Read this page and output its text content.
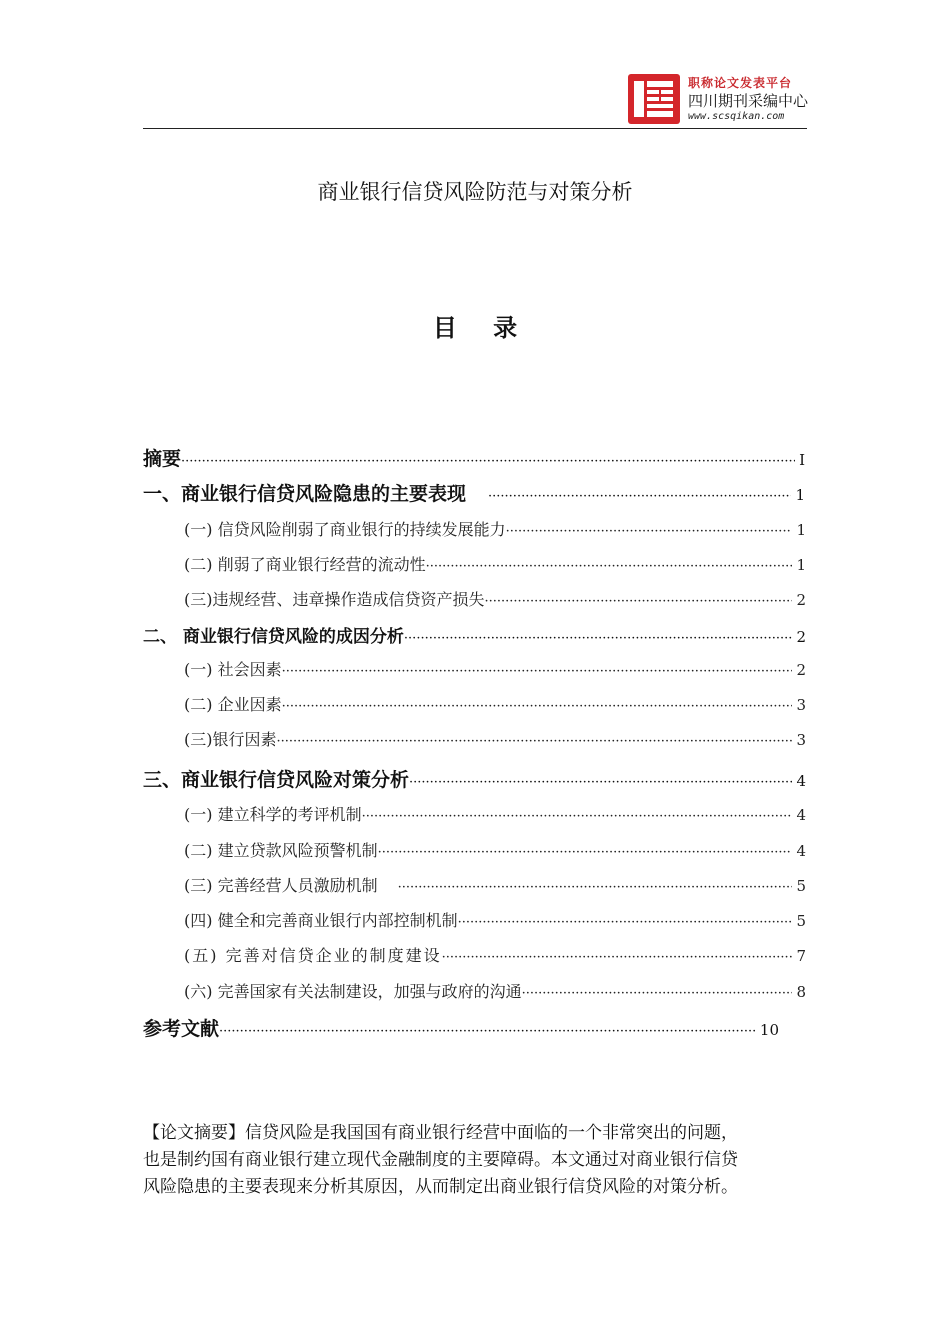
职称论文发表平台
四川期刊采编中心
www.scsqikan.com
商业银行信贷风险防范与对策分析
目 录
摘要 ·····	I
一、商业银行信贷风险隐患的主要表现 ·····	1
(一) 信贷风险削弱了商业银行的持续发展能力 ·····	1
(二) 削弱了商业银行经营的流动性 ·····	1
(三)违规经营、违章操作造成信贷资产损失 ·····	2
二、 商业银行信贷风险的成因分析 ·····	2
(一) 社会因素 ·····	2
(二) 企业因素 ·····	3
(三)银行因素 ·····	3
三、商业银行信贷风险对策分析 ·····	4
(一) 建立科学的考评机制 ·····	4
(二) 建立贷款风险预警机制 ·····	4
(三) 完善经营人员激励机制 ·····	5
(四) 健全和完善商业银行内部控制机制 ·····	5
(五) 完善对信贷企业的制度建设 ·····	7
(六) 完善国家有关法制建设，加强与政府的沟通 ·····	8
参考文献 ·····	10
【论文摘要】信贷风险是我国国有商业银行经营中面临的一个非常突出的问题，
也是制约国有商业银行建立现代金融制度的主要障碍。本文通过对商业银行信贷
风险隐患的主要表现来分析其原因，从而制定出商业银行信贷风险的对策分析。
